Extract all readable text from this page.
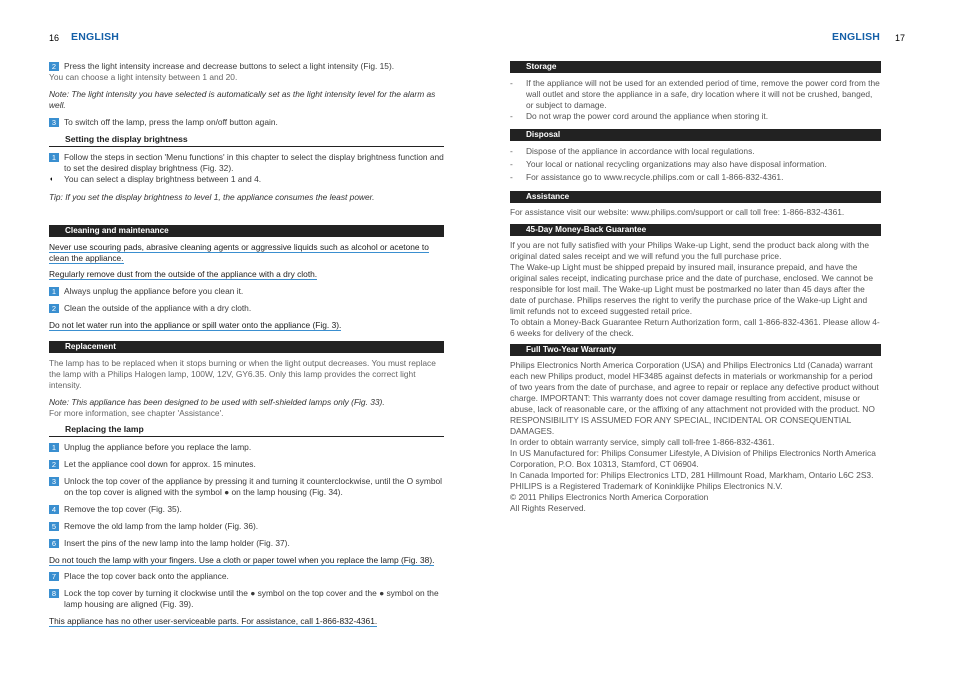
16 ENGLISH
2 Press the light intensity increase and decrease buttons to select a light intensity (Fig. 15).
You can choose a light intensity between 1 and 20.
Note: The light intensity you have selected is automatically set as the light intensity level for the alarm as well.
3 To switch off the lamp, press the lamp on/off button again.
Setting the display brightness
1 Follow the steps in section 'Menu functions' in this chapter to select the display brightness function and to set the desired display brightness (Fig. 32).
◖ You can select a display brightness between 1 and 4.
Tip: If you set the display brightness to level 1, the appliance consumes the least power.
Cleaning and maintenance
Never use scouring pads, abrasive cleaning agents or aggressive liquids such as alcohol or acetone to clean the appliance.
Regularly remove dust from the outside of the appliance with a dry cloth.
1 Always unplug the appliance before you clean it.
2 Clean the outside of the appliance with a dry cloth.
Do not let water run into the appliance or spill water onto the appliance (Fig. 3).
Replacement
The lamp has to be replaced when it stops burning or when the light output decreases. You must replace the lamp with a Philips Halogen lamp, 100W, 12V, GY6.35. Only this lamp provides the correct light intensity.
Note: This appliance has been designed to be used with self-shielded lamps only (Fig. 33).
For more information, see chapter 'Assistance'.
Replacing the lamp
1 Unplug the appliance before you replace the lamp.
2 Let the appliance cool down for approx. 15 minutes.
3 Unlock the top cover of the appliance by pressing it and turning it counterclockwise, until the O symbol on the top cover is aligned with the symbol ● on the lamp housing (Fig. 34).
4 Remove the top cover (Fig. 35).
5 Remove the old lamp from the lamp holder (Fig. 36).
6 Insert the pins of the new lamp into the lamp holder (Fig. 37).
Do not touch the lamp with your fingers. Use a cloth or paper towel when you replace the lamp (Fig. 38).
7 Place the top cover back onto the appliance.
8 Lock the top cover by turning it clockwise until the ● symbol on the top cover and the ● symbol on the lamp housing are aligned (Fig. 39).
This appliance has no other user-serviceable parts. For assistance, call 1-866-832-4361.
ENGLISH 17
Storage
- If the appliance will not be used for an extended period of time, remove the power cord from the wall outlet and store the appliance in a safe, dry location where it will not be crushed, banged, or subject to damage.
- Do not wrap the power cord around the appliance when storing it.
Disposal
- Dispose of the appliance in accordance with local regulations.
- Your local or national recycling organizations may also have disposal information.
- For assistance go to www.recycle.philips.com or call 1-866-832-4361.
Assistance
For assistance visit our website: www.philips.com/support or call toll free: 1-866-832-4361.
45-Day Money-Back Guarantee
If you are not fully satisfied with your Philips Wake-up Light, send the product back along with the original dated sales receipt and we will refund you the full purchase price.
The Wake-up Light must be shipped prepaid by insured mail, insurance prepaid, and have the original sales receipt, indicating purchase price and the date of purchase, enclosed. We cannot be responsible for lost mail. The Wake-up Light must be postmarked no later than 45 days after the date of purchase. Philips reserves the right to verify the purchase price of the Wake-up Light and limit refunds not to exceed suggested retail price.
To obtain a Money-Back Guarantee Return Authorization form, call 1-866-832-4361. Please allow 4-6 weeks for delivery of the check.
Full Two-Year Warranty
Philips Electronics North America Corporation (USA) and Philips Electronics Ltd (Canada) warrant each new Philips product, model HF3485 against defects in materials or workmanship for a period of two years from the date of purchase, and agree to repair or replace any defective product without charge. IMPORTANT: This warranty does not cover damage resulting from accident, misuse or abuse, lack of reasonable care, or the affixing of any attachment not provided with the product. NO RESPONSIBILITY IS ASSUMED FOR ANY SPECIAL, INCIDENTAL OR CONSEQUENTIAL DAMAGES.
In order to obtain warranty service, simply call toll-free 1-866-832-4361.
In US Manufactured for: Philips Consumer Lifestyle, A Division of Philips Electronics North America Corporation, P.O. Box 10313, Stamford, CT 06904.
In Canada Imported for: Philips Electronics LTD, 281 Hillmount Road, Markham, Ontario L6C 2S3.
PHILIPS is a Registered Trademark of Koninklijke Philips Electronics N.V.
© 2011 Philips Electronics North America Corporation
All Rights Reserved.
